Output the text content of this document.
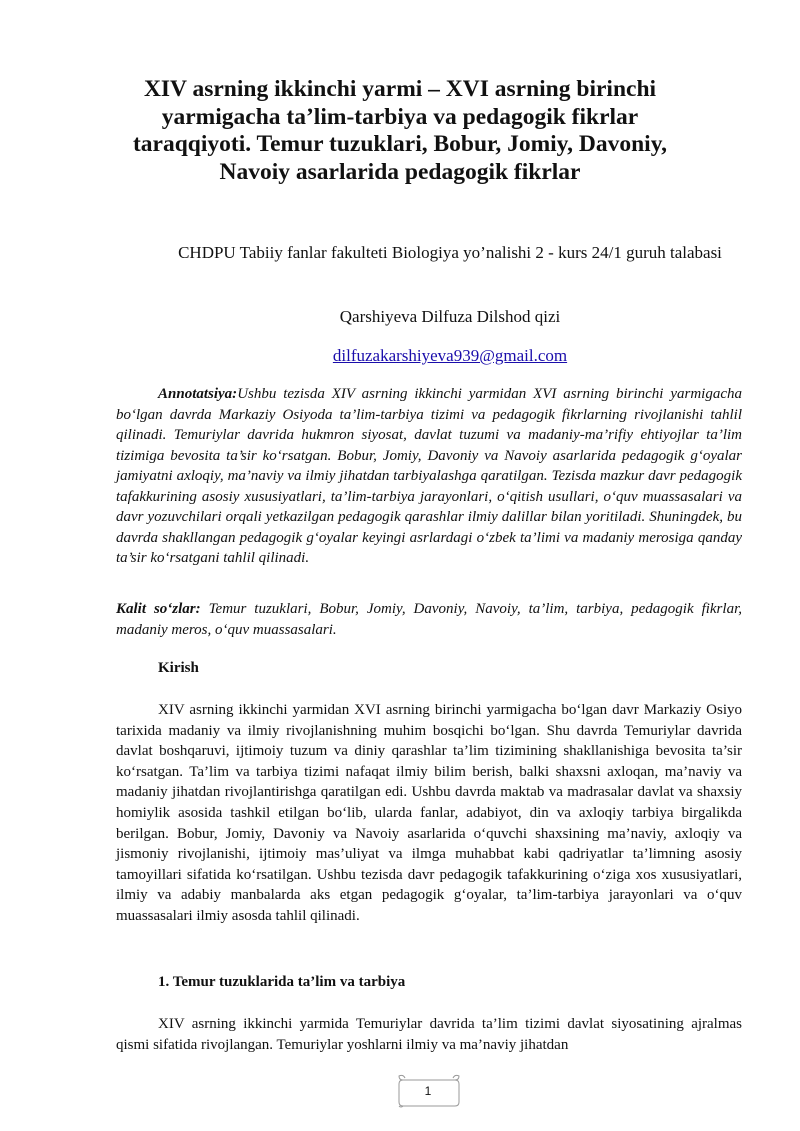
XIV asrning ikkinchi yarmi – XVI asrning birinchi yarmigacha ta’lim-tarbiya va pedagogik fikrlar taraqqiyoti. Temur tuzuklari, Bobur, Jomiy, Davoniy, Navoiy asarlarida pedagogik fikrlar

CHDPU Tabiiy fanlar fakulteti Biologiya yo’nalishi 2 - kurs 24/1 guruh talabasi

Qarshiyeva Dilfuza Dilshod qizi

dilfuzakarshiyeva939@gmail.com

Annotatsiya:Ushbu tezisda XIV asrning ikkinchi yarmidan XVI asrning birinchi yarmigacha bo‘lgan davrda Markaziy Osiyoda ta’lim-tarbiya tizimi va pedagogik fikrlarning rivojlanishi tahlil qilinadi. Temuriylar davrida hukmron siyosat, davlat tuzumi va madaniy-ma’rifiy ehtiyojlar ta’lim tizimiga bevosita ta’sir ko‘rsatgan. Bobur, Jomiy, Davoniy va Navoiy asarlarida pedagogik g‘oyalar jamiyatni axloqiy, ma’naviy va ilmiy jihatdan tarbiyalashga qaratilgan. Tezisda mazkur davr pedagogik tafakkurining asosiy xususiyatlari, ta’lim-tarbiya jarayonlari, o‘qitish usullari, o‘quv muassasalari va davr yozuvchilari orqali yetkazilgan pedagogik qarashlar ilmiy dalillar bilan yoritiladi. Shuningdek, bu davrda shakllangan pedagogik g‘oyalar keyingi asrlardagi o‘zbek ta’limi va madaniy merosiga qanday ta’sir ko‘rsatgani tahlil qilinadi.

Kalit so‘zlar: Temur tuzuklari, Bobur, Jomiy, Davoniy, Navoiy, ta’lim, tarbiya, pedagogik fikrlar, madaniy meros, o‘quv muassasalari.

Kirish

XIV asrning ikkinchi yarmidan XVI asrning birinchi yarmigacha bo‘lgan davr Markaziy Osiyo tarixida madaniy va ilmiy rivojlanishning muhim bosqichi bo‘lgan. Shu davrda Temuriylar davrida davlat boshqaruvi, ijtimoiy tuzum va diniy qarashlar ta’lim tizimining shakllanishiga bevosita ta’sir ko‘rsatgan. Ta’lim va tarbiya tizimi nafaqat ilmiy bilim berish, balki shaxsni axloqan, ma’naviy va madaniy jihatdan rivojlantirishga qaratilgan edi. Ushbu davrda maktab va madrasalar davlat va shaxsiy homiylik asosida tashkil etilgan bo‘lib, ularda fanlar, adabiyot, din va axloqiy tarbiya birgalikda berilgan. Bobur, Jomiy, Davoniy va Navoiy asarlarida o‘quvchi shaxsining ma’naviy, axloqiy va jismoniy rivojlanishi, ijtimoiy mas’uliyat va ilmga muhabbat kabi qadriyatlar ta’limning asosiy tamoyillari sifatida ko‘rsatilgan. Ushbu tezisda davr pedagogik tafakkurining o‘ziga xos xususiyatlari, ilmiy va adabiy manbalarda aks etgan pedagogik g‘oyalar, ta’lim-tarbiya jarayonlari va o‘quv muassasalari ilmiy asosda tahlil qilinadi.

1. Temur tuzuklarida ta’lim va tarbiya

XIV asrning ikkinchi yarmida Temuriylar davrida ta’lim tizimi davlat siyosatining ajralmas qismi sifatida rivojlangan. Temuriylar yoshlarni ilmiy va ma’naviy jihatdan

1
